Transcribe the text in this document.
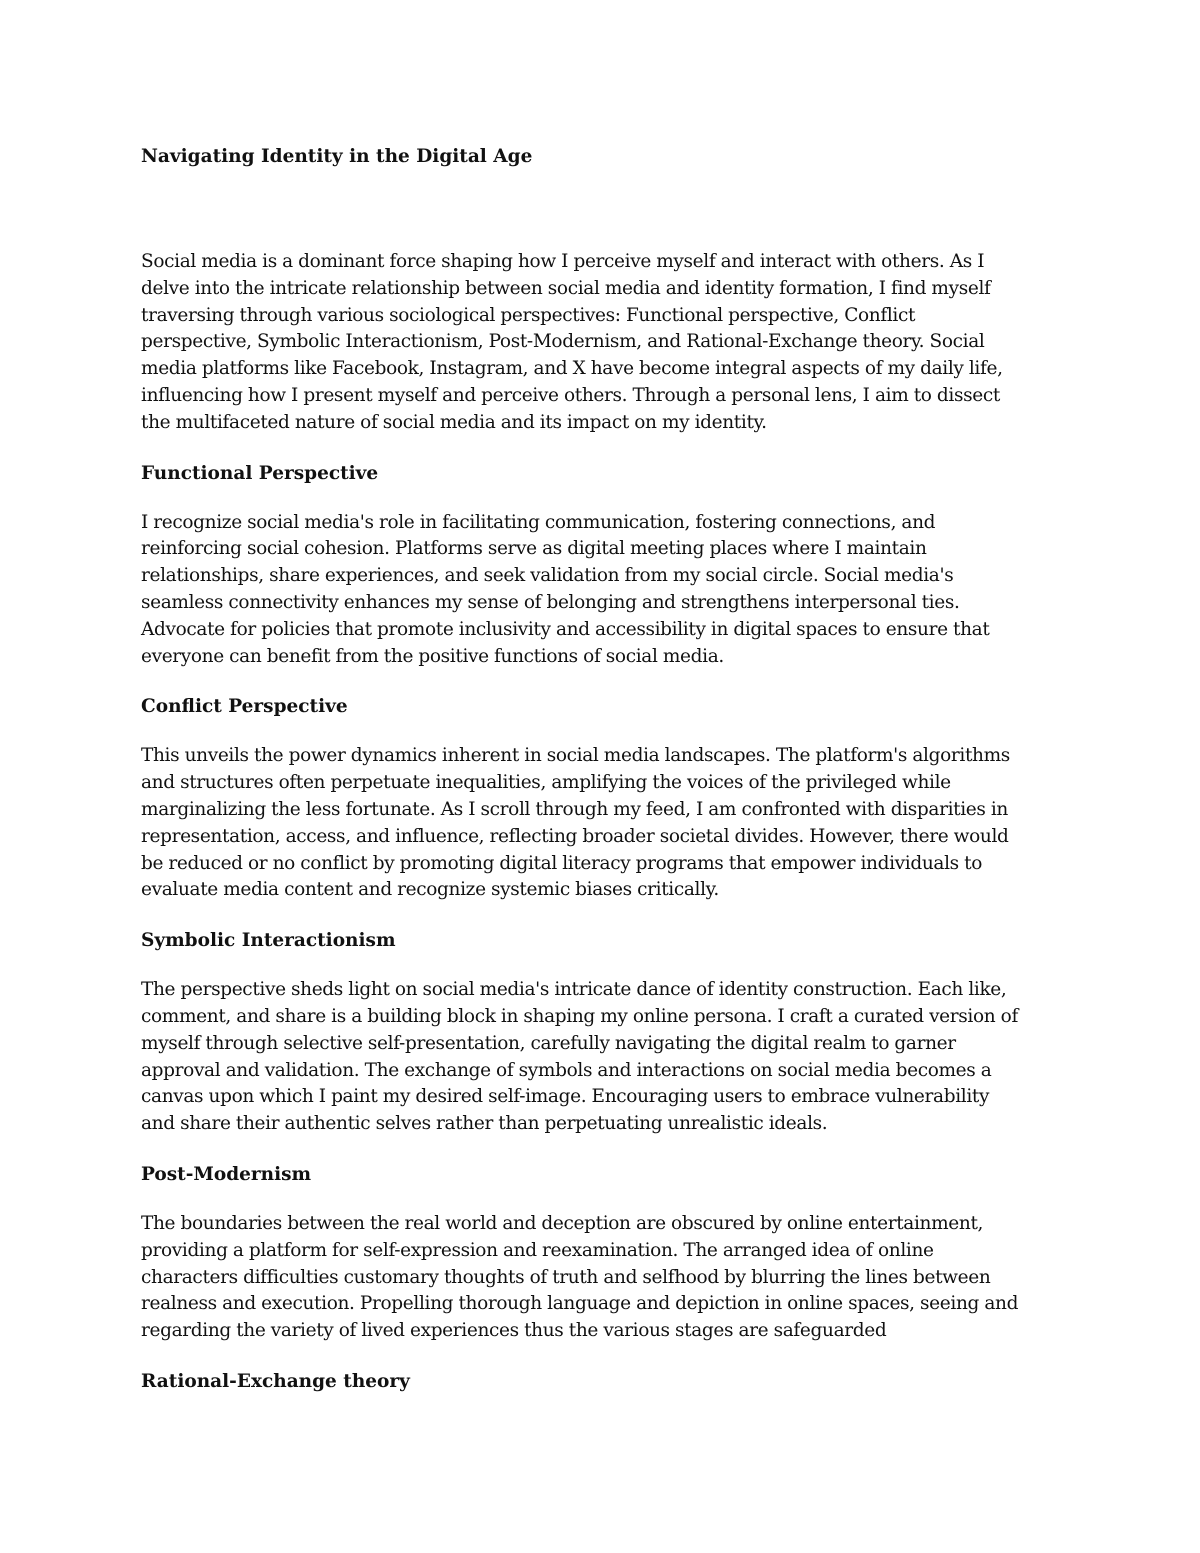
Navigating Identity in the Digital Age
Social media is a dominant force shaping how I perceive myself and interact with others. As I
delve into the intricate relationship between social media and identity formation, I find myself
traversing through various sociological perspectives: Functional perspective, Conflict
perspective, Symbolic Interactionism, Post-Modernism, and Rational-Exchange theory. Social
media platforms like Facebook, Instagram, and X have become integral aspects of my daily life,
influencing how I present myself and perceive others. Through a personal lens, I aim to dissect
the multifaceted nature of social media and its impact on my identity.
Functional Perspective
I recognize social media's role in facilitating communication, fostering connections, and
reinforcing social cohesion. Platforms serve as digital meeting places where I maintain
relationships, share experiences, and seek validation from my social circle. Social media's
seamless connectivity enhances my sense of belonging and strengthens interpersonal ties.
Advocate for policies that promote inclusivity and accessibility in digital spaces to ensure that
everyone can benefit from the positive functions of social media.
Conflict Perspective
This unveils the power dynamics inherent in social media landscapes. The platform's algorithms
and structures often perpetuate inequalities, amplifying the voices of the privileged while
marginalizing the less fortunate. As I scroll through my feed, I am confronted with disparities in
representation, access, and influence, reflecting broader societal divides. However, there would
be reduced or no conflict by promoting digital literacy programs that empower individuals to
evaluate media content and recognize systemic biases critically.
Symbolic Interactionism
The perspective sheds light on social media's intricate dance of identity construction. Each like,
comment, and share is a building block in shaping my online persona. I craft a curated version of
myself through selective self-presentation, carefully navigating the digital realm to garner
approval and validation. The exchange of symbols and interactions on social media becomes a
canvas upon which I paint my desired self-image. Encouraging users to embrace vulnerability
and share their authentic selves rather than perpetuating unrealistic ideals.
Post-Modernism
The boundaries between the real world and deception are obscured by online entertainment,
providing a platform for self-expression and reexamination. The arranged idea of online
characters difficulties customary thoughts of truth and selfhood by blurring the lines between
realness and execution. Propelling thorough language and depiction in online spaces, seeing and
regarding the variety of lived experiences thus the various stages are safeguarded
Rational-Exchange theory
